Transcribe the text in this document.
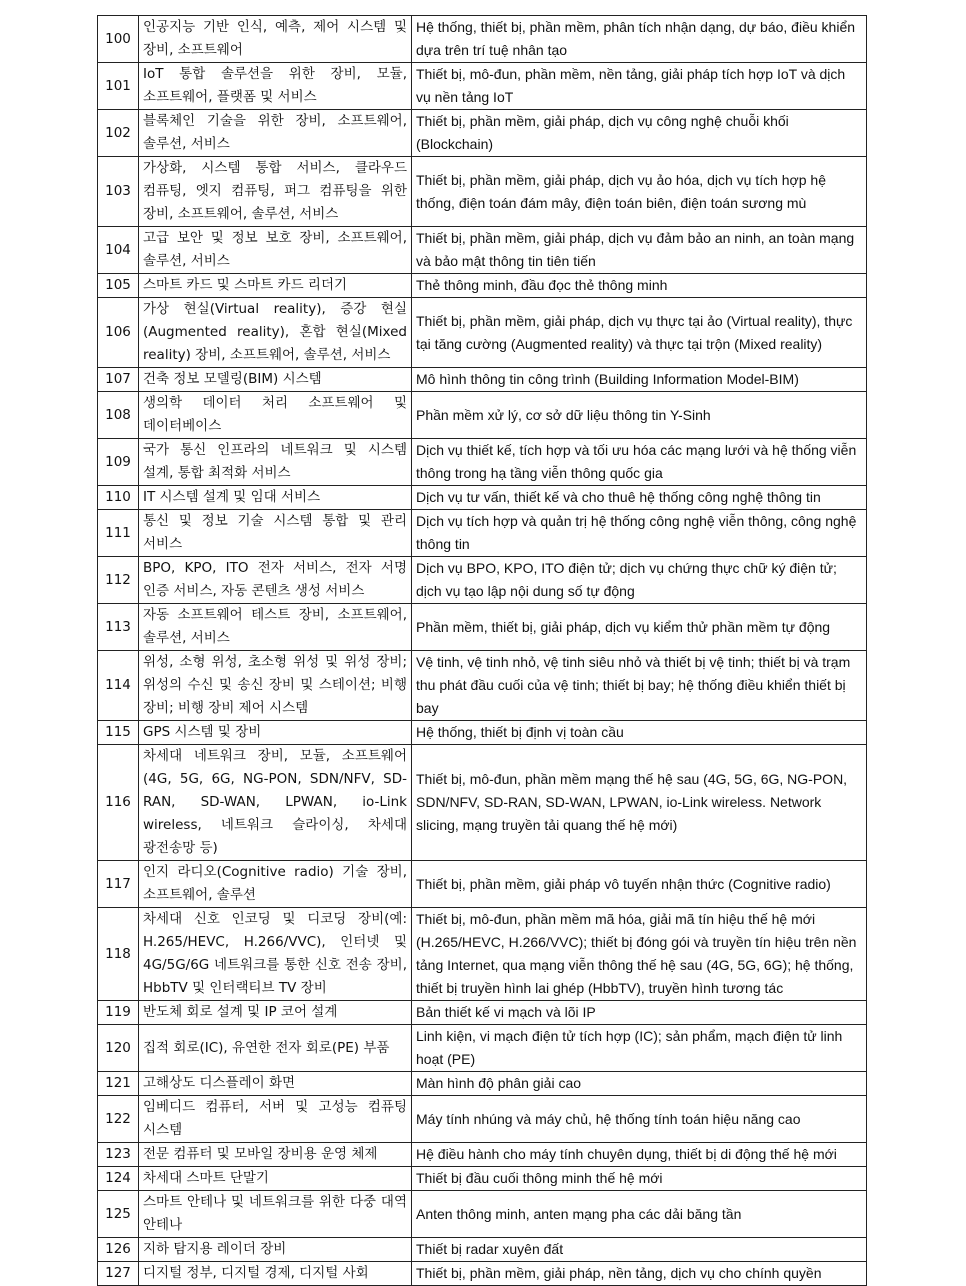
100	인공지능 기반 인식, 예측, 제어 시스템 및 장비, 소프트웨어	Hệ thống, thiết bị, phần mềm, phân tích nhận dạng, dự báo, điều khiển dựa trên trí tuệ nhân tạo
101	IoT 통합 솔루션을 위한 장비, 모듈, 소프트웨어, 플랫폼 및 서비스	Thiết bị, mô-đun, phần mềm, nền tảng, giải pháp tích hợp IoT và dịch vụ nền tảng IoT
102	블록체인 기술을 위한 장비, 소프트웨어, 솔루션, 서비스	Thiết bị, phần mềm, giải pháp, dịch vụ công nghệ chuỗi khối (Blockchain)
103	가상화, 시스템 통합 서비스, 클라우드 컴퓨팅, 엣지 컴퓨팅, 퍼그 컴퓨팅을 위한 장비, 소프트웨어, 솔루션, 서비스	Thiết bị, phần mềm, giải pháp, dịch vụ ảo hóa, dịch vụ tích hợp hệ thống, điện toán đám mây, điện toán biên, điện toán sương mù
104	고급 보안 및 정보 보호 장비, 소프트웨어, 솔루션, 서비스	Thiết bị, phần mềm, giải pháp, dịch vụ đảm bảo an ninh, an toàn mạng và bảo mật thông tin tiên tiến
105	스마트 카드 및 스마트 카드 리더기	Thẻ thông minh, đầu đọc thẻ thông minh
106	가상 현실(Virtual reality), 증강 현실(Augmented reality), 혼합 현실(Mixed reality) 장비, 소프트웨어, 솔루션, 서비스	Thiết bị, phần mềm, giải pháp, dịch vụ thực tại ảo (Virtual reality), thực tại tăng cường (Augmented reality) và thực tại trộn (Mixed reality)
107	건축 정보 모델링(BIM) 시스템	Mô hình thông tin công trình (Building Information Model-BIM)
108	생의학 데이터 처리 소프트웨어 및 데이터베이스	Phần mềm xử lý, cơ sở dữ liệu thông tin Y-Sinh
109	국가 통신 인프라의 네트워크 및 시스템 설계, 통합 최적화 서비스	Dịch vụ thiết kế, tích hợp và tối ưu hóa các mạng lưới và hệ thống viễn thông trong hạ tầng viễn thông quốc gia
110	IT 시스템 설계 및 임대 서비스	Dịch vụ tư vấn, thiết kế và cho thuê hệ thống công nghệ thông tin
111	통신 및 정보 기술 시스템 통합 및 관리 서비스	Dịch vụ tích hợp và quản trị hệ thống công nghệ viễn thông, công nghệ thông tin
112	BPO, KPO, ITO 전자 서비스, 전자 서명 인증 서비스, 자동 콘텐츠 생성 서비스	Dịch vụ BPO, KPO, ITO điện tử; dịch vụ chứng thực chữ ký điện tử; dịch vụ tạo lập nội dung số tự động
113	자동 소프트웨어 테스트 장비, 소프트웨어, 솔루션, 서비스	Phần mềm, thiết bị, giải pháp, dịch vụ kiểm thử phần mềm tự động
114	위성, 소형 위성, 초소형 위성 및 위성 장비; 위성의 수신 및 송신 장비 및 스테이션; 비행 장비; 비행 장비 제어 시스템	Vệ tinh, vệ tinh nhỏ, vệ tinh siêu nhỏ và thiết bị vệ tinh; thiết bị và trạm thu phát đầu cuối của vệ tinh; thiết bị bay; hệ thống điều khiển thiết bị bay
115	GPS 시스템 및 장비	Hệ thống, thiết bị định vị toàn cầu
116	차세대 네트워크 장비, 모듈, 소프트웨어 (4G, 5G, 6G, NG-PON, SDN/NFV, SD-RAN, SD-WAN, LPWAN, io-Link wireless, 네트워크 슬라이싱, 차세대 광전송망 등)	Thiết bị, mô-đun, phần mềm mạng thế hệ sau (4G, 5G, 6G, NG-PON, SDN/NFV, SD-RAN, SD-WAN, LPWAN, io-Link wireless. Network slicing, mạng truyền tải quang thế hệ mới)
117	인지 라디오(Cognitive radio) 기술 장비, 소프트웨어, 솔루션	Thiết bị, phần mềm, giải pháp vô tuyến nhận thức (Cognitive radio)
118	차세대 신호 인코딩 및 디코딩 장비(예: H.265/HEVC, H.266/VVC), 인터넷 및 4G/5G/6G 네트워크를 통한 신호 전송 장비, HbbTV 및 인터랙티브 TV 장비	Thiết bị, mô-đun, phần mềm mã hóa, giải mã tín hiệu thế hệ mới (H.265/HEVC, H.266/VVC); thiết bị đóng gói và truyền tín hiệu trên nền tảng Internet, qua mạng viễn thông thế hệ sau (4G, 5G, 6G); hệ thống, thiết bị truyền hình lai ghép (HbbTV), truyền hình tương tác
119	반도체 회로 설계 및 IP 코어 설계	Bản thiết kế vi mạch và lõi IP
120	집적 회로(IC), 유연한 전자 회로(PE) 부품	Linh kiện, vi mạch điện tử tích hợp (IC); sản phẩm, mạch điện tử linh hoạt (PE)
121	고해상도 디스플레이 화면	Màn hình độ phân giải cao
122	임베디드 컴퓨터, 서버 및 고성능 컴퓨팅 시스템	Máy tính nhúng và máy chủ, hệ thống tính toán hiệu năng cao
123	전문 컴퓨터 및 모바일 장비용 운영 체제	Hệ điều hành cho máy tính chuyên dụng, thiết bị di động thế hệ mới
124	차세대 스마트 단말기	Thiết bị đầu cuối thông minh thế hệ mới
125	스마트 안테나 및 네트워크를 위한 다중 대역 안테나	Anten thông minh, anten mạng pha các dải băng tần
126	지하 탐지용 레이더 장비	Thiết bị radar xuyên đất
127	디지털 정부, 디지털 경제, 디지털 사회	Thiết bị, phần mềm, giải pháp, nền tảng, dịch vụ cho chính quyền
